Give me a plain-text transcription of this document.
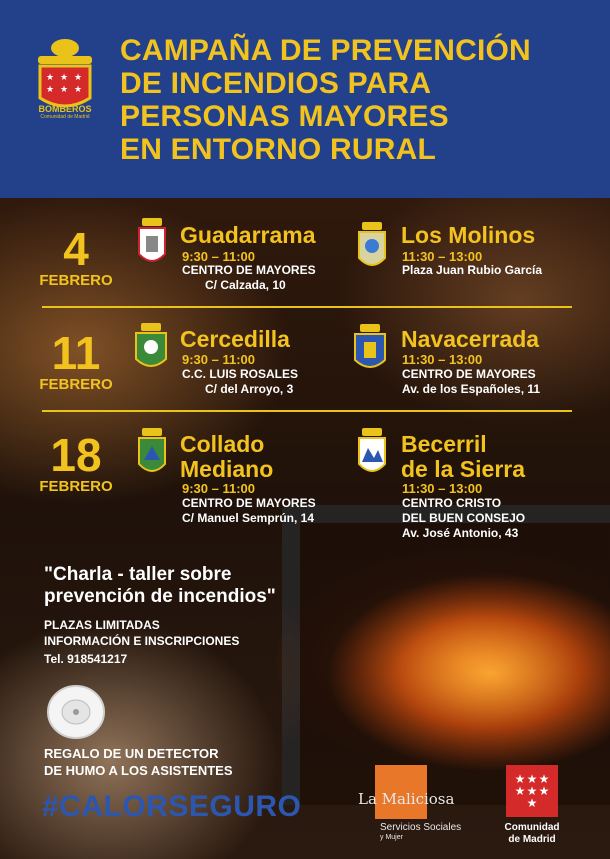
★ ★ ★
★ ★ ★
BOMBEROS
Comunidad de Madrid
CAMPAÑA DE PREVENCIÓN
DE INCENDIOS PARA
PERSONAS MAYORES
EN ENTORNO RURAL
4
FEBRERO
Guadarrama
9:30 – 11:00
CENTRO DE MAYORES
C/ Calzada, 10
Los Molinos
11:30 – 13:00
Plaza Juan Rubio García
11
FEBRERO
Cercedilla
9:30 – 11:00
C.C. LUIS ROSALES
C/ del Arroyo, 3
Navacerrada
11:30 – 13:00
CENTRO DE MAYORES
Av. de los Españoles, 11
18
FEBRERO
Collado
Mediano
9:30 – 11:00
CENTRO DE MAYORES
C/ Manuel Semprún, 14
Becerril
de la Sierra
11:30 – 13:00
CENTRO CRISTO
DEL BUEN CONSEJO
Av. José Antonio, 43
"Charla - taller sobre
prevención de incendios"
PLAZAS LIMITADAS
INFORMACIÓN E INSCRIPCIONES
Tel. 918541217
REGALO DE UN DETECTOR
DE HUMO A LOS ASISTENTES
#CALORSEGURO	La Maliciosa
Servicios Sociales
y Mujer
★ ★ ★
★ ★ ★
★
Comunidad
de Madrid
